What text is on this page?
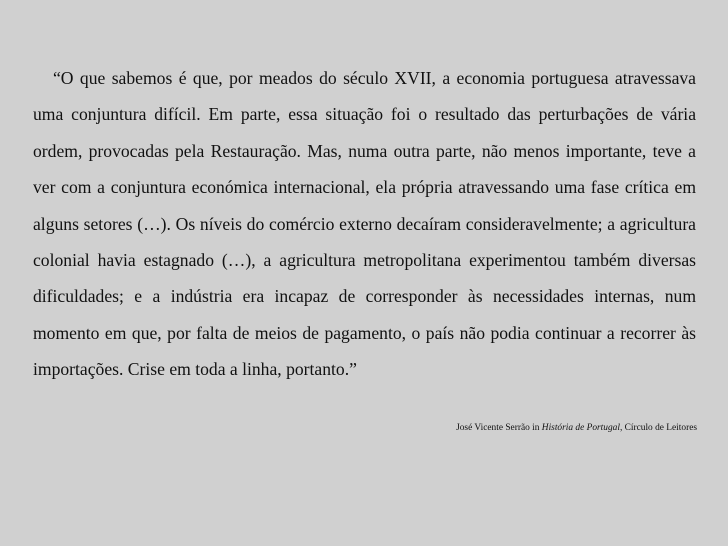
“O que sabemos é que, por meados do século XVII, a economia portuguesa atravessava uma conjuntura difícil. Em parte, essa situação foi o resultado das perturbações de vária ordem, provocadas pela Restauração. Mas, numa outra parte, não menos importante, teve a ver com a conjuntura económica internacional, ela própria atravessando uma fase crítica em alguns setores (…). Os níveis do comércio externo decaíram consideravelmente; a agricultura colonial havia estagnado (…), a agricultura metropolitana experimentou também diversas dificuldades; e a indústria era incapaz de corresponder às necessidades internas, num momento em que, por falta de meios de pagamento, o país não podia continuar a recorrer às importações. Crise em toda a linha, portanto.”

José Vicente Serrão in História de Portugal, Círculo de Leitores
